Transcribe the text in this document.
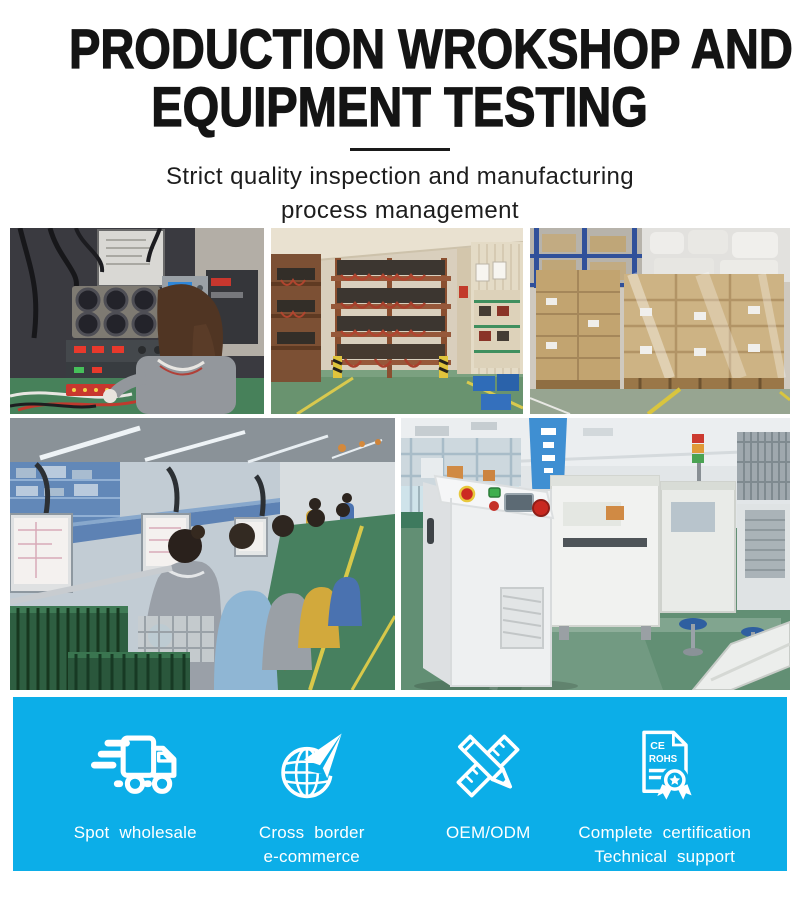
PRODUCTION WROKSHOP AND
EQUIPMENT TESTING

Strict quality inspection and manufacturing
process management

Spot wholesale	Cross border
e-commerce
OEM/ODM
CE
ROHS
Complete certification
Technical support
